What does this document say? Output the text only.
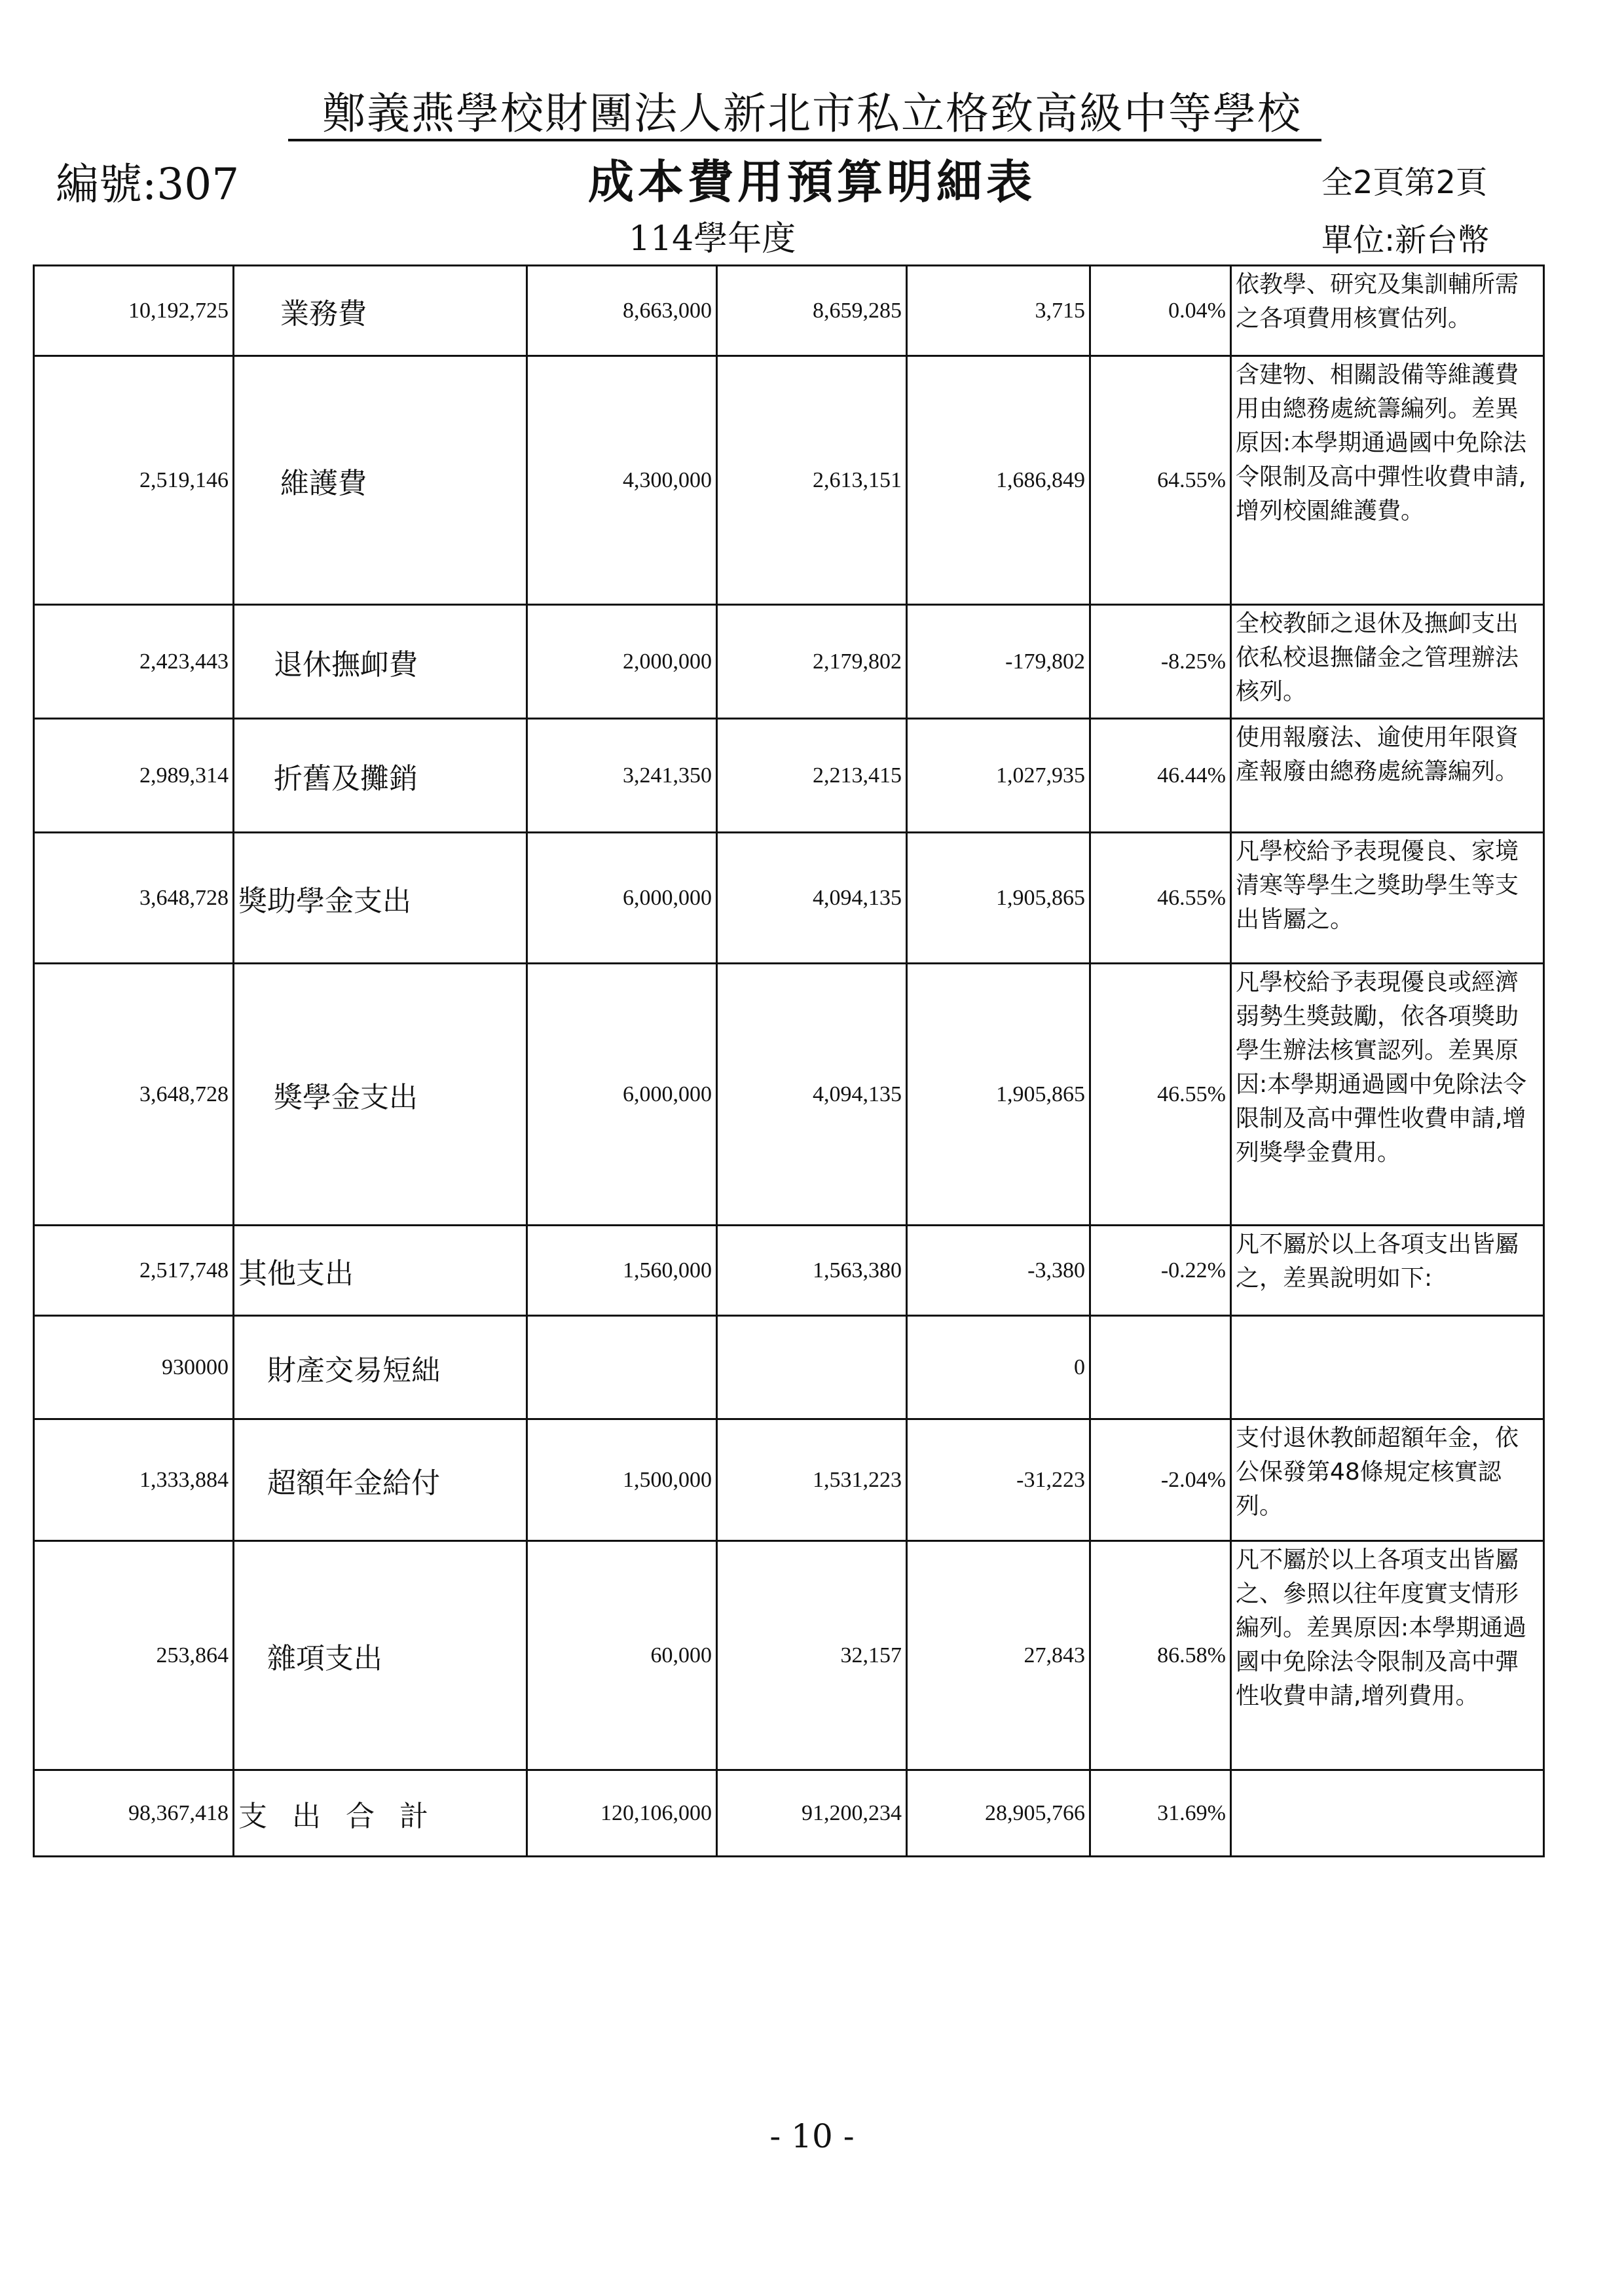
鄭義燕學校財團法人新北市私立格致高級中等學校
編號:307	成本費用預算明細表	全2頁第2頁
114學年度	單位:新台幣
10,192,725	業務費	8,663,000	8,659,285	3,715	0.04%	依教學、研究及集訓輔所需之各項費用核實估列。
2,519,146	維護費	4,300,000	2,613,151	1,686,849	64.55%	含建物、相關設備等維護費用由總務處統籌編列。差異原因:本學期通過國中免除法令限制及高中彈性收費申請,增列校園維護費。
2,423,443	退休撫卹費	2,000,000	2,179,802	-179,802	-8.25%	全校教師之退休及撫卹支出依私校退撫儲金之管理辦法核列。
2,989,314	折舊及攤銷	3,241,350	2,213,415	1,027,935	46.44%	使用報廢法、逾使用年限資產報廢由總務處統籌編列。
3,648,728	獎助學金支出	6,000,000	4,094,135	1,905,865	46.55%	凡學校給予表現優良、家境清寒等學生之獎助學生等支出皆屬之。
3,648,728	獎學金支出	6,000,000	4,094,135	1,905,865	46.55%	凡學校給予表現優良或經濟弱勢生獎鼓勵，依各項獎助學生辦法核實認列。差異原因:本學期通過國中免除法令限制及高中彈性收費申請,增列獎學金費用。
2,517,748	其他支出	1,560,000	1,563,380	-3,380	-0.22%	凡不屬於以上各項支出皆屬之，差異說明如下:
930000	財產交易短絀			0		
1,333,884	超額年金給付	1,500,000	1,531,223	-31,223	-2.04%	支付退休教師超額年金，依公保發第48條規定核實認列。
253,864	雜項支出	60,000	32,157	27,843	86.58%	凡不屬於以上各項支出皆屬之、參照以往年度實支情形編列。差異原因:本學期通過國中免除法令限制及高中彈性收費申請,增列費用。
98,367,418	支出合計	120,106,000	91,200,234	28,905,766	31.69%	
- 10 -
